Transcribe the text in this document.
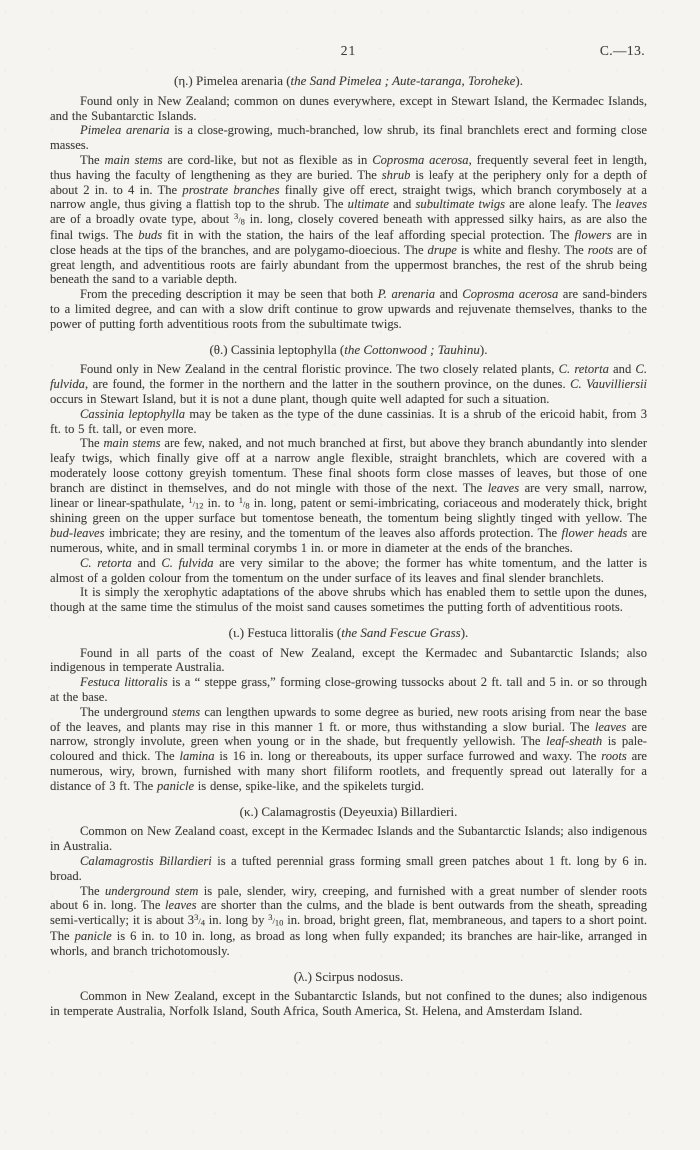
21	C.—13.
(η.) Pimelea arenaria (the Sand Pimelea ; Aute-taranga, Toroheke).

Found only in New Zealand; common on dunes everywhere, except in Stewart Island, the Kermadec Islands, and the Subantarctic Islands.

Pimelea arenaria is a close-growing, much-branched, low shrub, its final branchlets erect and forming close masses.

The main stems are cord-like, but not as flexible as in Coprosma acerosa, frequently several feet in length, thus having the faculty of lengthening as they are buried. The shrub is leafy at the periphery only for a depth of about 2 in. to 4 in. The prostrate branches finally give off erect, straight twigs, which branch corymbosely at a narrow angle, thus giving a flattish top to the shrub. The ultimate and subultimate twigs are alone leafy. The leaves are of a broadly ovate type, about $^3/_8$ in. long, closely covered beneath with appressed silky hairs, as are also the final twigs. The buds fit in with the station, the hairs of the leaf affording special protection. The flowers are in close heads at the tips of the branches, and are polygamo-dioecious. The drupe is white and fleshy. The roots are of great length, and adventitious roots are fairly abundant from the uppermost branches, the rest of the shrub being beneath the sand to a variable depth.

From the preceding description it may be seen that both P. arenaria and Coprosma acerosa are sand-binders to a limited degree, and can with a slow drift continue to grow upwards and rejuvenate themselves, thanks to the power of putting forth adventitious roots from the subultimate twigs.

(θ.) Cassinia leptophylla (the Cottonwood ; Tauhinu).

Found only in New Zealand in the central floristic province. The two closely related plants, C. retorta and C. fulvida, are found, the former in the northern and the latter in the southern province, on the dunes. C. Vauvilliersii occurs in Stewart Island, but it is not a dune plant, though quite well adapted for such a situation.

Cassinia leptophylla may be taken as the type of the dune cassinias. It is a shrub of the ericoid habit, from 3 ft. to 5 ft. tall, or even more.

The main stems are few, naked, and not much branched at first, but above they branch abundantly into slender leafy twigs, which finally give off at a narrow angle flexible, straight branchlets, which are covered with a moderately loose cottony greyish tomentum. These final shoots form close masses of leaves, but those of one branch are distinct in themselves, and do not mingle with those of the next. The leaves are very small, narrow, linear or linear-spathulate, $^1/_{12}$ in. to $^1/_8$ in. long, patent or semi-imbricating, coriaceous and moderately thick, bright shining green on the upper surface but tomentose beneath, the tomentum being slightly tinged with yellow. The bud-leaves imbricate; they are resiny, and the tomentum of the leaves also affords protection. The flower heads are numerous, white, and in small terminal corymbs 1 in. or more in diameter at the ends of the branches.

C. retorta and C. fulvida are very similar to the above; the former has white tomentum, and the latter is almost of a golden colour from the tomentum on the under surface of its leaves and final slender branchlets.

It is simply the xerophytic adaptations of the above shrubs which has enabled them to settle upon the dunes, though at the same time the stimulus of the moist sand causes sometimes the putting forth of adventitious roots.

(ι.) Festuca littoralis (the Sand Fescue Grass).

Found in all parts of the coast of New Zealand, except the Kermadec and Subantarctic Islands; also indigenous in temperate Australia.

Festuca littoralis is a “ steppe grass,” forming close-growing tussocks about 2 ft. tall and 5 in. or so through at the base.

The underground stems can lengthen upwards to some degree as buried, new roots arising from near the base of the leaves, and plants may rise in this manner 1 ft. or more, thus withstanding a slow burial. The leaves are narrow, strongly involute, green when young or in the shade, but frequently yellowish. The leaf-sheath is pale-coloured and thick. The lamina is 16 in. long or thereabouts, its upper surface furrowed and waxy. The roots are numerous, wiry, brown, furnished with many short filiform rootlets, and frequently spread out laterally for a distance of 3 ft. The panicle is dense, spike-like, and the spikelets turgid.

(κ.) Calamagrostis (Deyeuxia) Billardieri.

Common on New Zealand coast, except in the Kermadec Islands and the Subantarctic Islands; also indigenous in Australia.

Calamagrostis Billardieri is a tufted perennial grass forming small green patches about 1 ft. long by 6 in. broad.

The underground stem is pale, slender, wiry, creeping, and furnished with a great number of slender roots about 6 in. long. The leaves are shorter than the culms, and the blade is bent outwards from the sheath, spreading semi-vertically; it is about $3^3/_4$ in. long by $^3/_{10}$ in. broad, bright green, flat, membraneous, and tapers to a short point. The panicle is 6 in. to 10 in. long, as broad as long when fully expanded; its branches are hair-like, arranged in whorls, and branch trichotomously.

(λ.) Scirpus nodosus.

Common in New Zealand, except in the Subantarctic Islands, but not confined to the dunes; also indigenous in temperate Australia, Norfolk Island, South Africa, South America, St. Helena, and Amsterdam Island.
